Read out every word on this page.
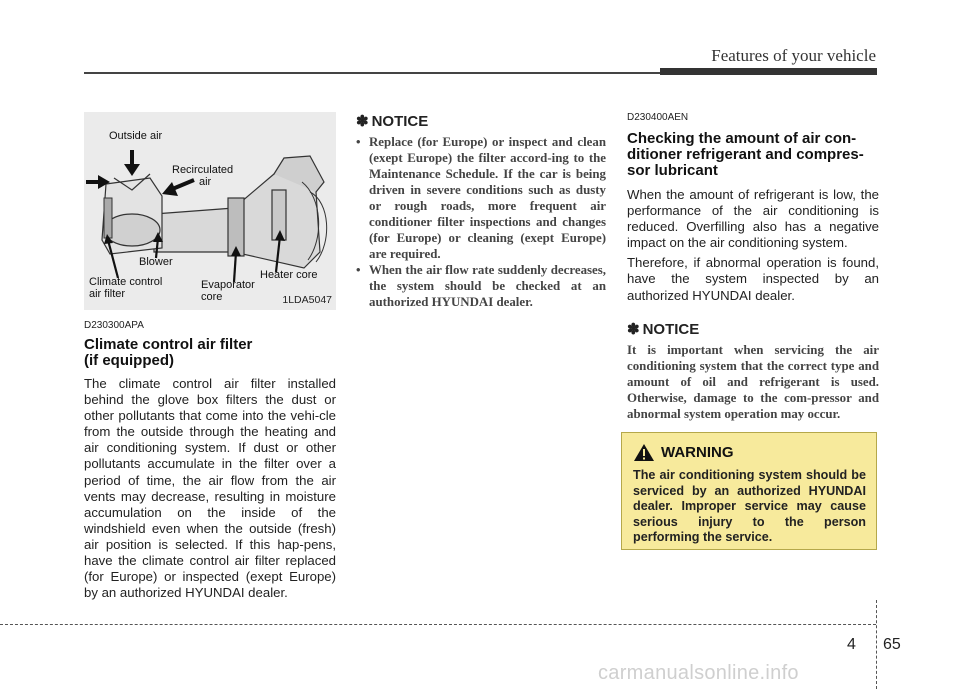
Features of your vehicle
Outside air
Recirculated
air
Blower
Climate control
air filter
Evaporator
core
Heater core
1LDA5047
D230300APA
Climate control air filter
(if equipped)

The climate control air filter installed behind the glove box filters the dust or other pollutants that come into the vehi-cle from the outside through the heating and air conditioning system. If dust or other pollutants accumulate in the filter over a period of time, the air flow from the air vents may decrease, resulting in moisture accumulation on the inside of the windshield even when the outside (fresh) air position is selected. If this hap-pens, have the climate control air filter replaced (for Europe) or inspected (exept Europe) by an authorized HYUNDAI dealer.

✽ NOTICE
• Replace (for Europe) or inspect and clean (exept Europe) the filter accord-ing to the Maintenance Schedule. If the car is being driven in severe conditions such as dusty or rough roads, more frequent air conditioner filter inspections and changes (for Europe) or cleaning (exept Europe) are required.
• When the air flow rate suddenly decreases, the system should be checked at an authorized HYUNDAI dealer.
D230400AEN
Checking the amount of air con-
ditioner refrigerant and compres-
sor lubricant

When the amount of refrigerant is low, the performance of the air conditioning is reduced. Overfilling also has a negative impact on the air conditioning system.

Therefore, if abnormal operation is found, have the system inspected by an authorized HYUNDAI dealer.

✽ NOTICE

It is important when servicing the air conditioning system that the correct type and amount of oil and refrigerant is used. Otherwise, damage to the com-pressor and abnormal system operation may occur.

WARNING
The air conditioning system should be serviced by an authorized HYUNDAI dealer. Improper service may cause serious injury to the person performing the service.
4 65
carmanualsonline.info
